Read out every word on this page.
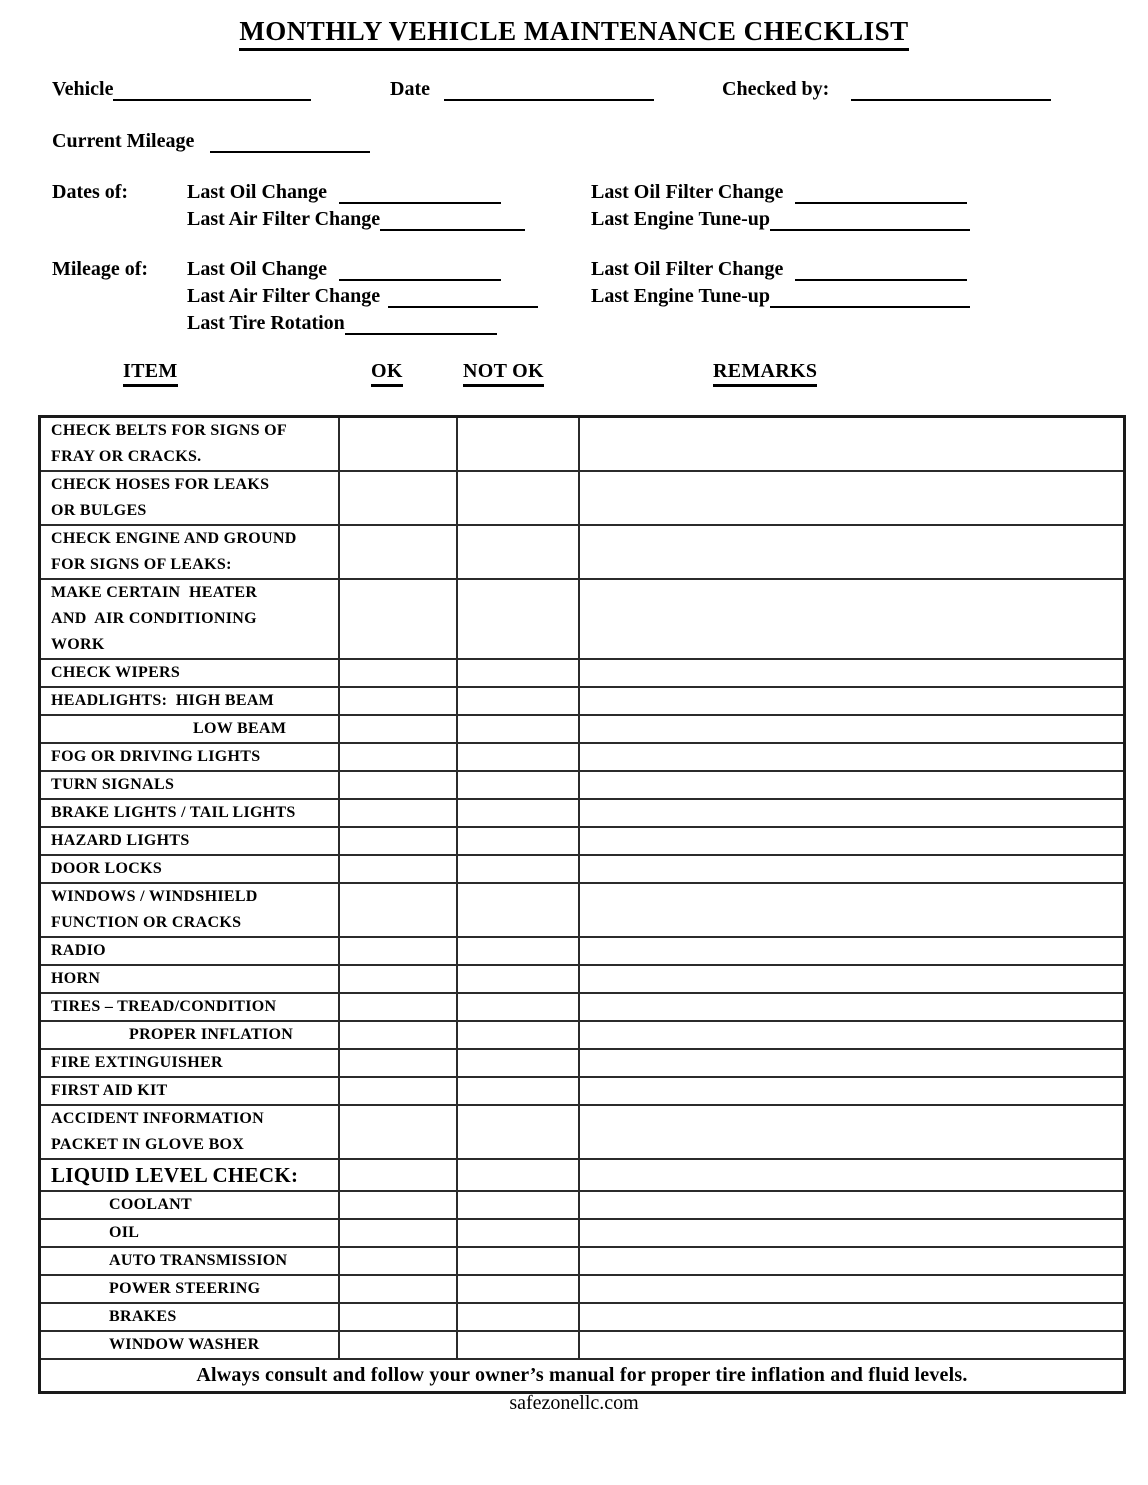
MONTHLY VEHICLE MAINTENANCE CHECKLIST
Vehicle	Date	Checked by:
Current Mileage
Dates of:	Last Oil Change	Last Oil Filter Change
Last Air Filter Change	Last Engine Tune-up
Mileage of: Last Oil Change	Last Oil Filter Change
Last Air Filter Change	Last Engine Tune-up
Last Tire Rotation
ITEM	OK	NOT OK	REMARKS
CHECK BELTS FOR SIGNS OF
FRAY OR CRACKS.			

CHECK HOSES FOR LEAKS
OR BULGES			

CHECK ENGINE AND GROUND
FOR SIGNS OF LEAKS:			

MAKE CERTAIN  HEATER
AND  AIR CONDITIONING
WORK			

CHECK WIPERS			

HEADLIGHTS:  HIGH BEAM			

LOW BEAM			

FOG OR DRIVING LIGHTS			

TURN SIGNALS			

BRAKE LIGHTS / TAIL LIGHTS			

HAZARD LIGHTS			

DOOR LOCKS			

WINDOWS / WINDSHIELD
FUNCTION OR CRACKS			

RADIO			

HORN			

TIRES – TREAD/CONDITION			

PROPER INFLATION			

FIRE EXTINGUISHER			

FIRST AID KIT			

ACCIDENT INFORMATION
PACKET IN GLOVE BOX			

LIQUID LEVEL CHECK:			

COOLANT			

OIL			

AUTO TRANSMISSION			

POWER STEERING			

BRAKES			

WINDOW WASHER			

Always consult and follow your owner’s manual for proper tire inflation and fluid levels.			
safezonellc.com
